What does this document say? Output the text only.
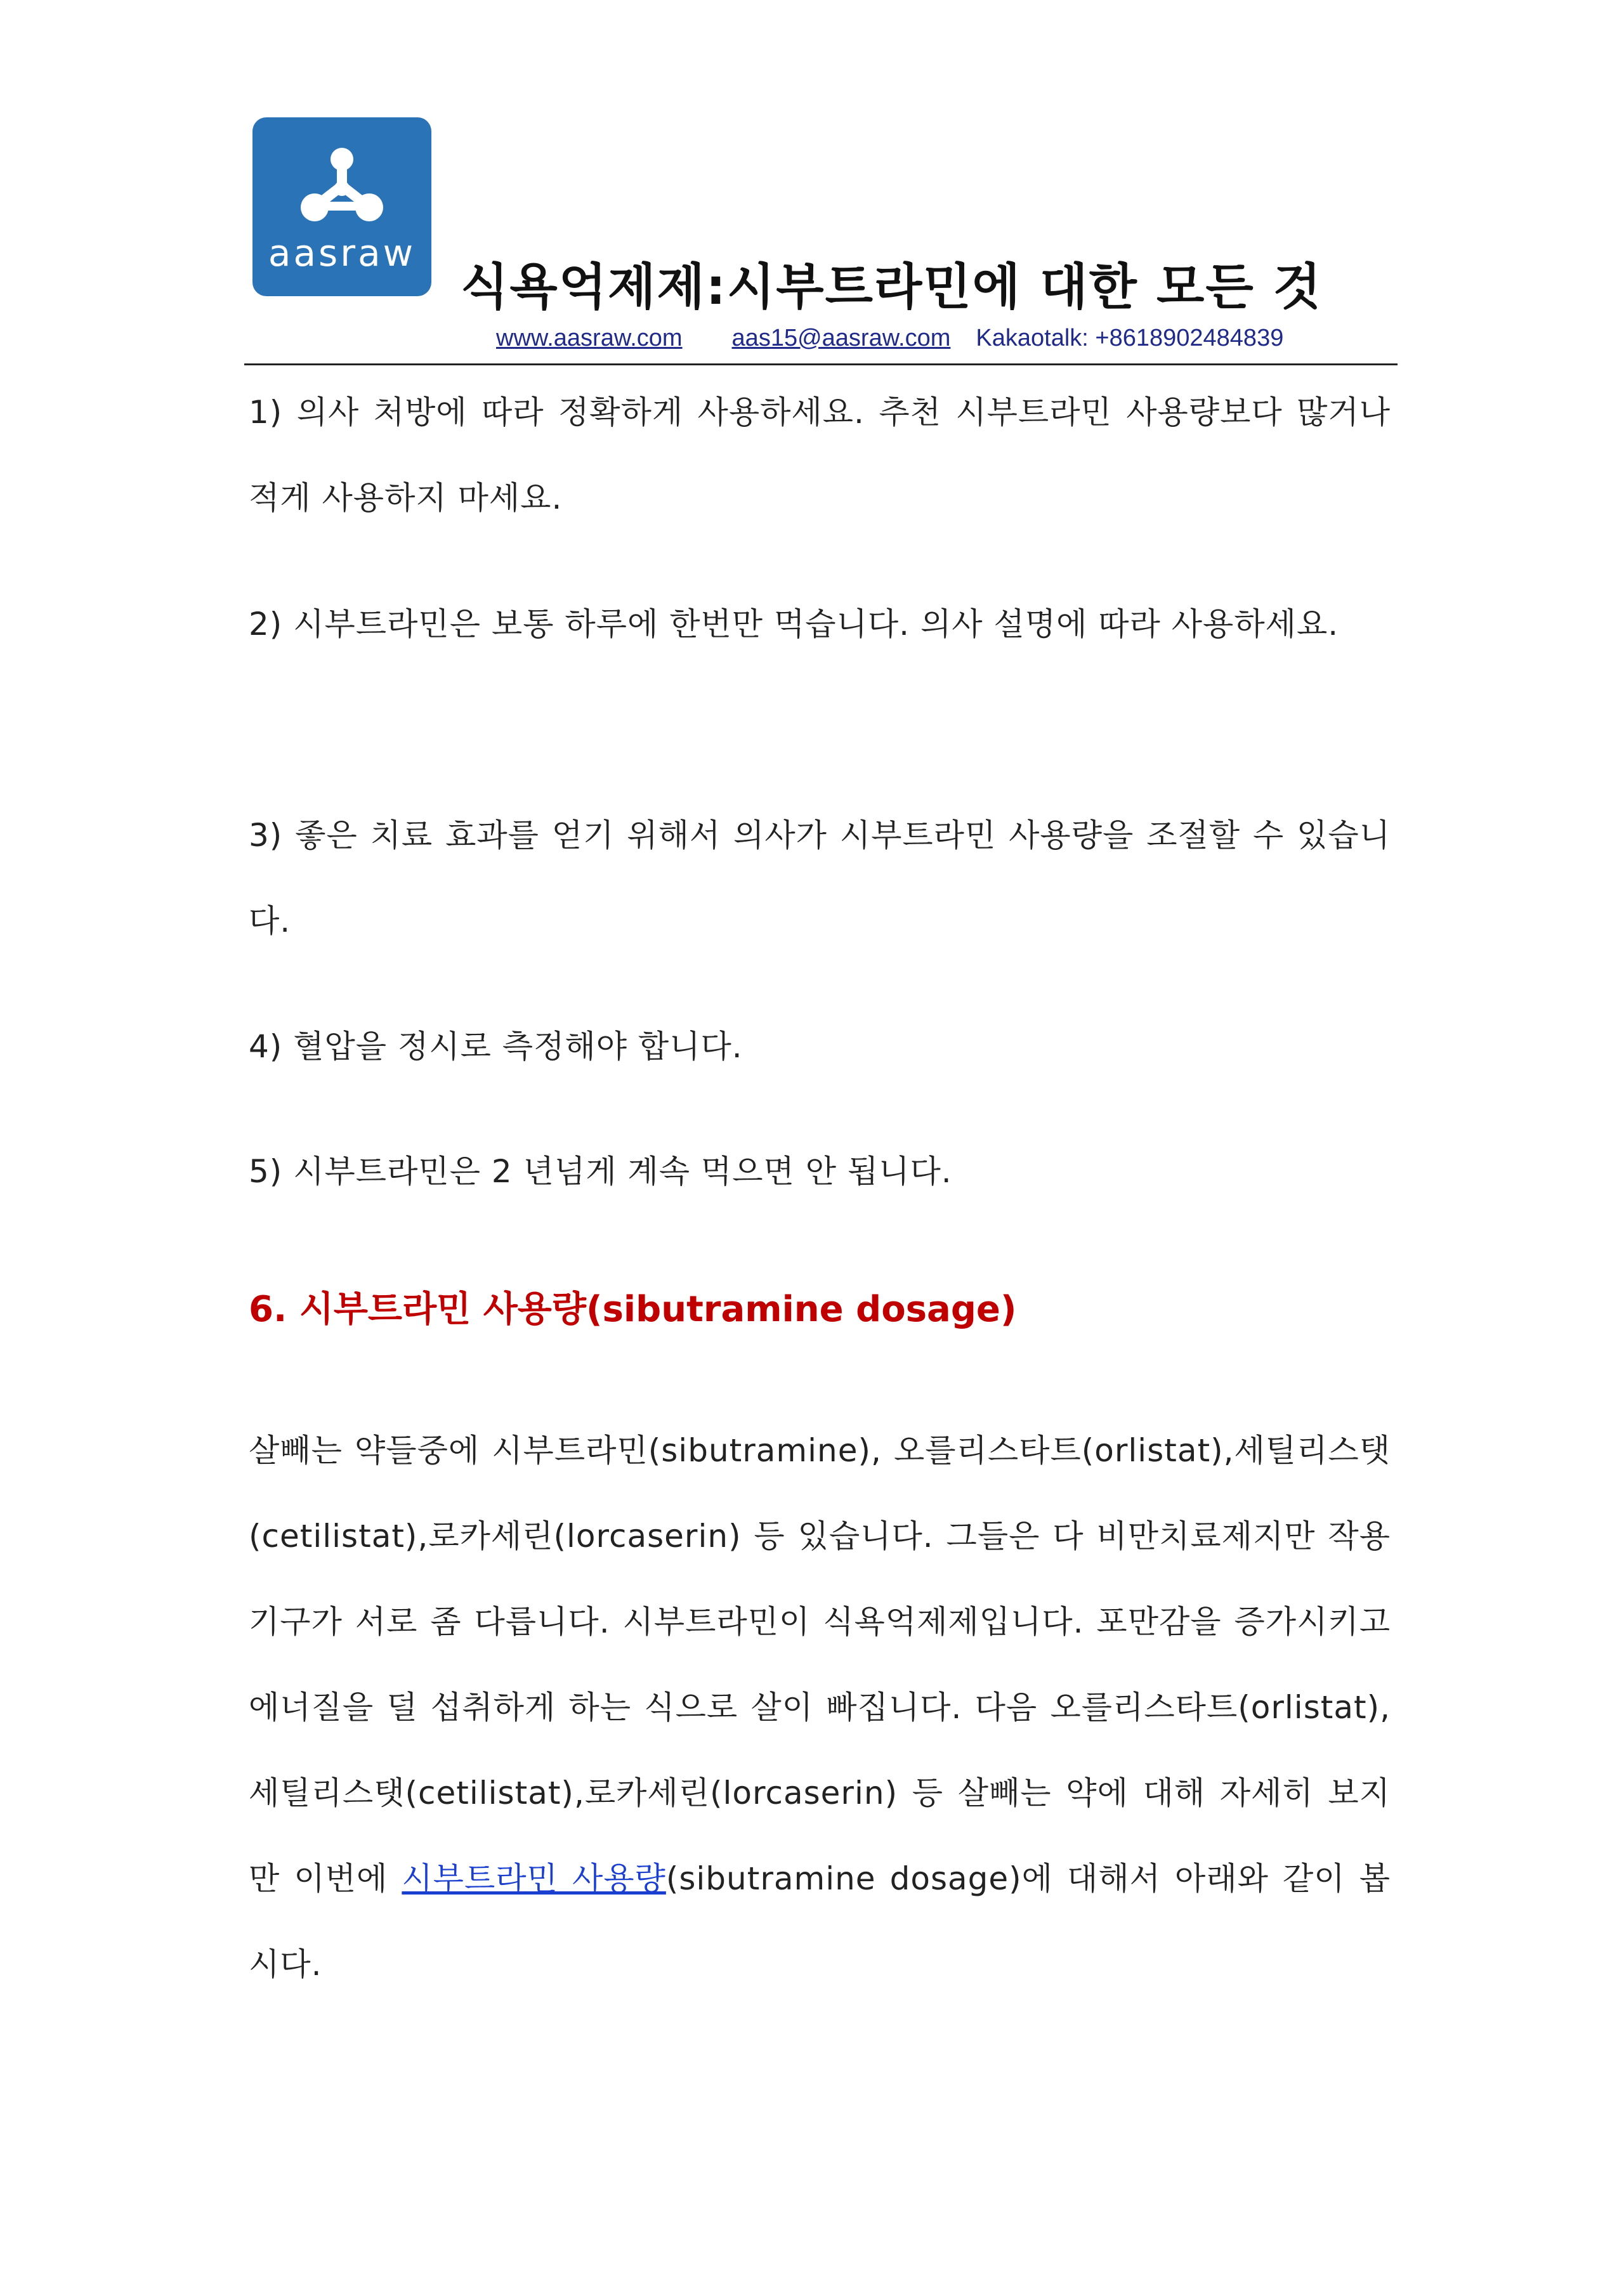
aasraw
식욕억제제:시부트라민에 대한 모든 것
www.aasraw.com aas15@aasraw.com Kakaotalk: +8618902484839
1) 의사 처방에 따라 정확하게 사용하세요. 추천 시부트라민 사용량보다 많거나 적게 사용하지 마세요.
2) 시부트라민은 보통 하루에 한번만 먹습니다. 의사 설명에 따라 사용하세요.
3) 좋은 치료 효과를 얻기 위해서 의사가 시부트라민 사용량을 조절할 수 있습니다.
4) 혈압을 정시로 측정해야 합니다.
5) 시부트라민은 2 년넘게 계속 먹으면 안 됩니다.
6. 시부트라민 사용량(sibutramine dosage)
살빼는 약들중에 시부트라민(sibutramine), 오를리스타트(orlistat),세틸리스탯(cetilistat),로카세린(lorcaserin) 등 있습니다. 그들은 다 비만치료제지만 작용기구가 서로 좀 다릅니다. 시부트라민이 식욕억제제입니다. 포만감을 증가시키고 에너질을 덜 섭취하게 하는 식으로 살이 빠집니다. 다음 오를리스타트(orlistat),세틸리스탯(cetilistat),로카세린(lorcaserin) 등 살빼는 약에 대해 자세히 보지만 이번에 시부트라민 사용량(sibutramine dosage)에 대해서 아래와 같이 봅시다.
